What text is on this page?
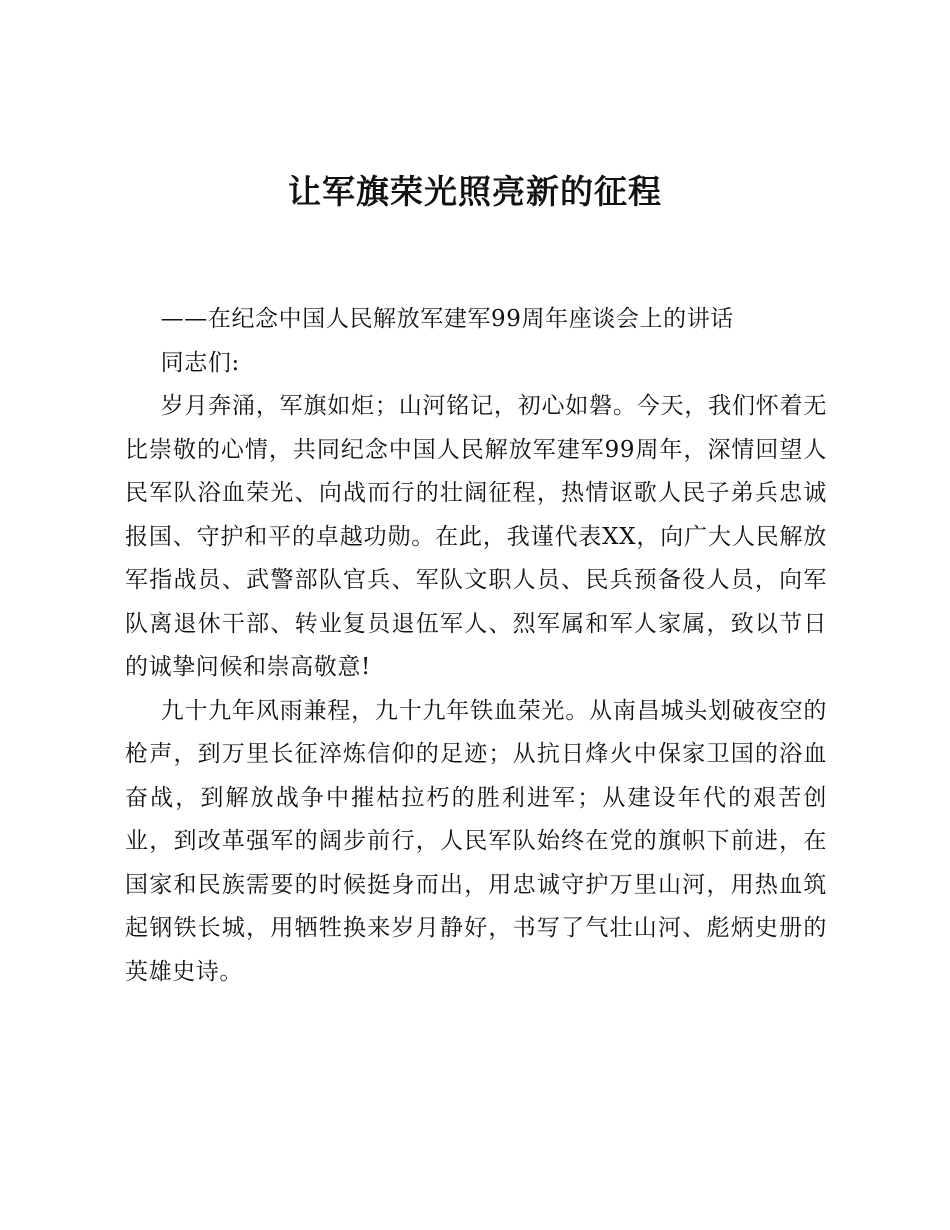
让军旗荣光照亮新的征程

——在纪念中国人民解放军建军99周年座谈会上的讲话

同志们:

岁月奔涌，军旗如炬；山河铭记，初心如磐。今天，我们怀着无比崇敬的心情，共同纪念中国人民解放军建军99周年，深情回望人民军队浴血荣光、向战而行的壮阔征程，热情讴歌人民子弟兵忠诚报国、守护和平的卓越功勋。在此，我谨代表XX，向广大人民解放军指战员、武警部队官兵、军队文职人员、民兵预备役人员，向军队离退休干部、转业复员退伍军人、烈军属和军人家属，致以节日的诚挚问候和崇高敬意!

九十九年风雨兼程，九十九年铁血荣光。从南昌城头划破夜空的枪声，到万里长征淬炼信仰的足迹；从抗日烽火中保家卫国的浴血奋战，到解放战争中摧枯拉朽的胜利进军；从建设年代的艰苦创业，到改革强军的阔步前行，人民军队始终在党的旗帜下前进，在国家和民族需要的时候挺身而出，用忠诚守护万里山河，用热血筑起钢铁长城，用牺牲换来岁月静好，书写了气壮山河、彪炳史册的英雄史诗。
